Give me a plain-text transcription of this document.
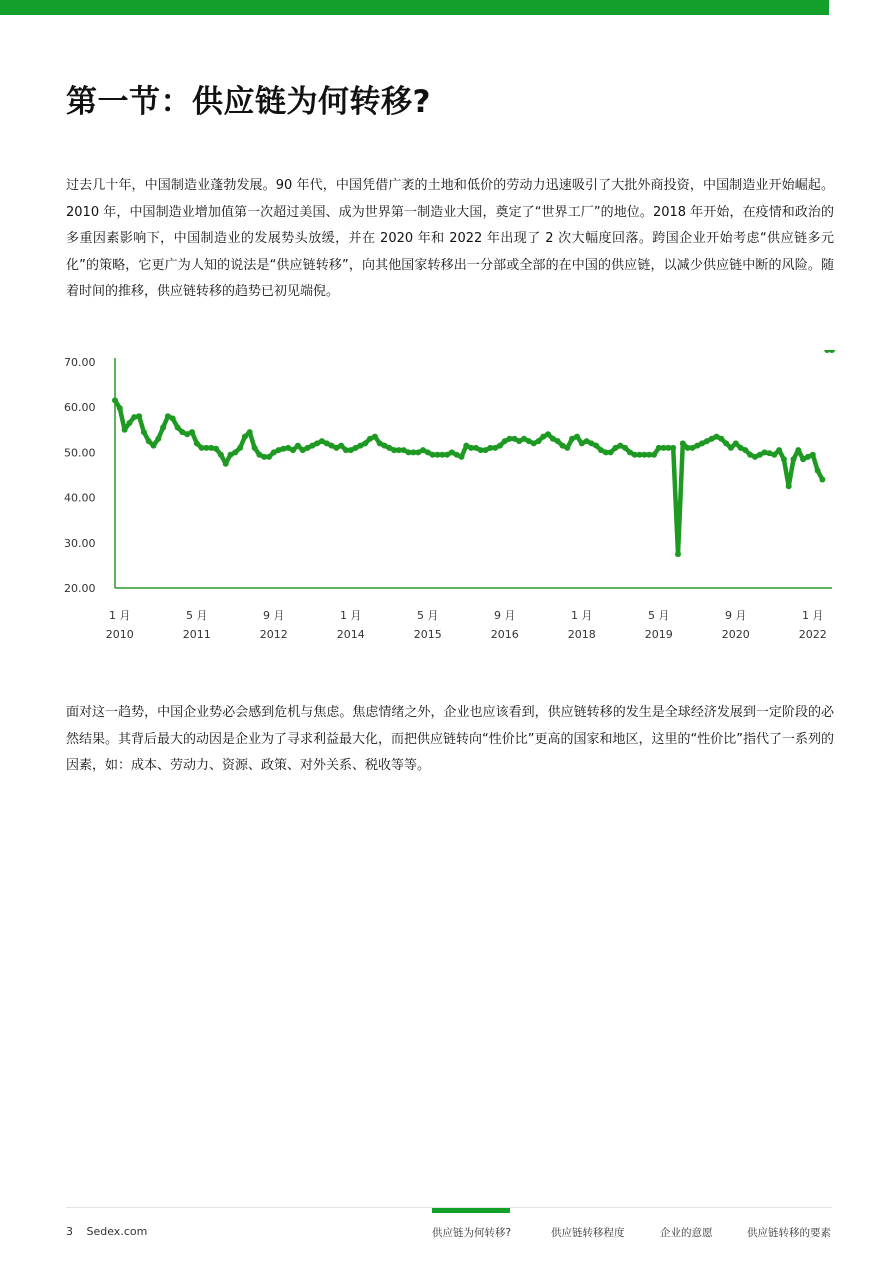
第一节：供应链为何转移?

过去几十年，中国制造业蓬勃发展。90 年代，中国凭借广袤的土地和低价的劳动力迅速吸引了大批外商投资，中国制造业开始崛起。2010 年，中国制造业增加值第一次超过美国、成为世界第一制造业大国，奠定了“世界工厂”的地位。2018 年开始，在疫情和政治的多重因素影响下，中国制造业的发展势头放缓，并在 2020 年和 2022 年出现了 2 次大幅度回落。跨国企业开始考虑“供应链多元化”的策略，它更广为人知的说法是“供应链转移”，向其他国家转移出一分部或全部的在中国的供应链，以减少供应链中断的风险。随着时间的推移，供应链转移的趋势已初见端倪。

70.00
60.00
50.00
40.00
30.00
20.00
1 月
2010
5 月
2011
9 月
2012
1 月
2014
5 月
2015
9 月
2016
1 月
2018
5 月
2019
9 月
2020
1 月
2022

面对这一趋势，中国企业势必会感到危机与焦虑。焦虑情绪之外，企业也应该看到，供应链转移的发生是全球经济发展到一定阶段的必然结果。其背后最大的动因是企业为了寻求利益最大化，而把供应链转向“性价比”更高的国家和地区，这里的“性价比”指代了一系列的因素，如：成本、劳动力、资源、政策、对外关系、税收等等。

3 Sedex.com	供应链为何转移?	供应链转移程度	企业的意愿	供应链转移的要素
